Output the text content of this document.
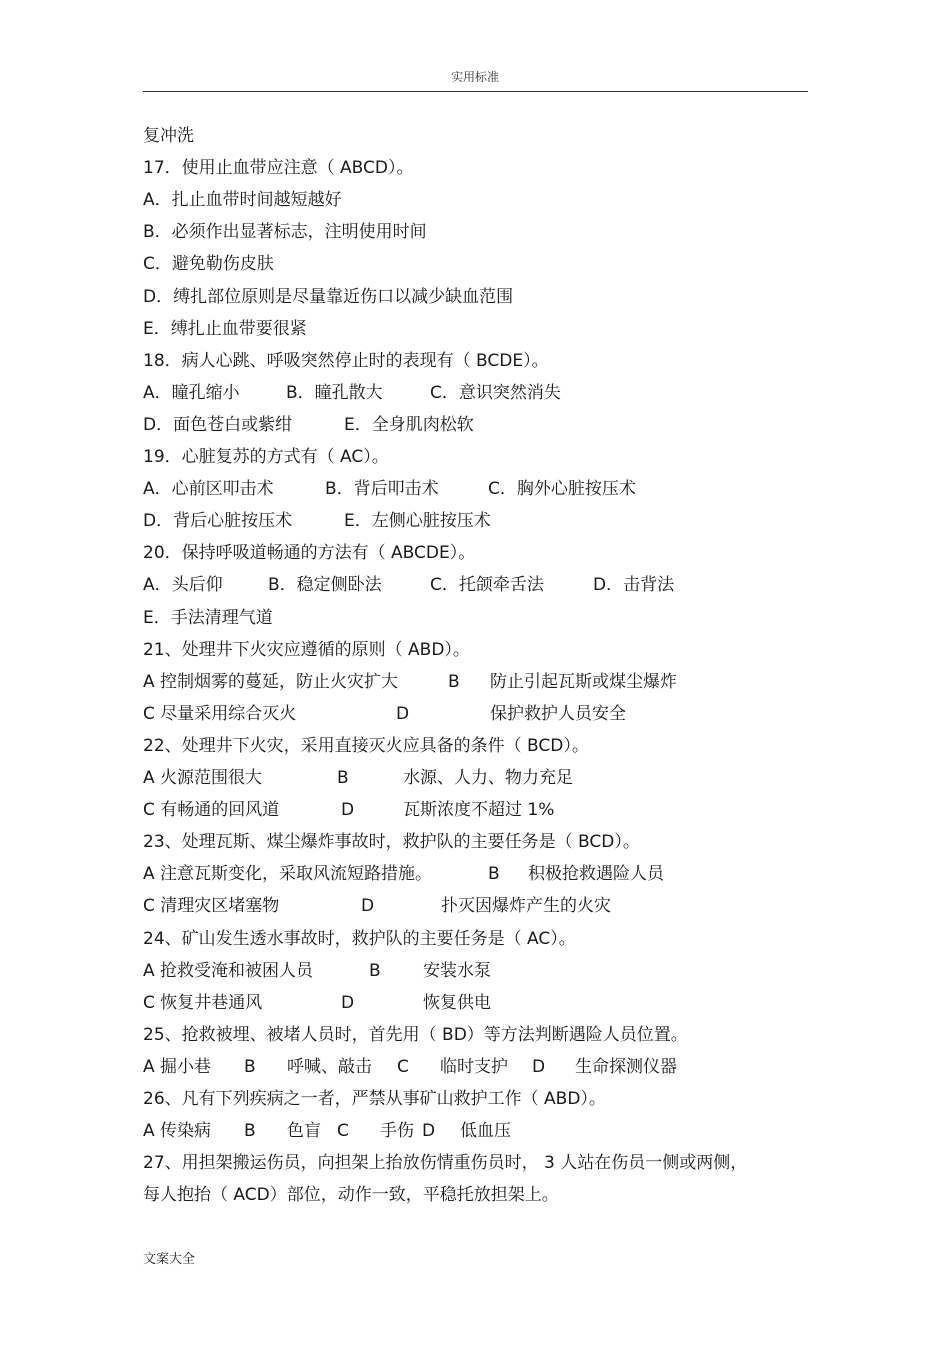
实用标准
复冲洗
17．使用止血带应注意（ ABCD）。
A．扎止血带时间越短越好
B．必须作出显著标志，注明使用时间
C．避免勒伤皮肤
D．缚扎部位原则是尽量靠近伤口以减少缺血范围
E．缚扎止血带要很紧
18．病人心跳、呼吸突然停止时的表现有（ BCDE）。
A．瞳孔缩小	B．瞳孔散大	C．意识突然消失
D．面色苍白或紫绀	E．全身肌肉松软
19．心脏复苏的方式有（ AC）。
A．心前区叩击术	B．背后叩击术	C．胸外心脏按压术
D．背后心脏按压术	E．左侧心脏按压术
20．保持呼吸道畅通的方法有（ ABCDE）。
A．头后仰	B．稳定侧卧法	C．托颌牵舌法	D．击背法
E．手法清理气道
21、处理井下火灾应遵循的原则（ ABD）。
A 控制烟雾的蔓延，防止火灾扩大	B 防止引起瓦斯或煤尘爆炸
C 尽量采用综合灭火	D	保护救护人员安全
22、处理井下火灾，采用直接灭火应具备的条件（ BCD）。
A 火源范围很大	B	水源、人力、物力充足
C 有畅通的回风道	D	瓦斯浓度不超过 1%
23、处理瓦斯、煤尘爆炸事故时，救护队的主要任务是（ BCD）。
A 注意瓦斯变化，采取风流短路措施。	B 积极抢救遇险人员
C 清理灾区堵塞物	D	扑灭因爆炸产生的火灾
24、矿山发生透水事故时，救护队的主要任务是（ AC）。
A 抢救受淹和被困人员	B 安装水泵
C 恢复井巷通风	D	恢复供电
25、抢救被埋、被堵人员时，首先用（ BD）等方法判断遇险人员位置。
A 掘小巷 B 呼喊、敲击 C 临时支护 D 生命探测仪器
26、凡有下列疾病之一者，严禁从事矿山救护工作（ ABD）。
A 传染病 B 色盲 C 手伤 D 低血压
27、用担架搬运伤员，向担架上抬放伤情重伤员时， 3 人站在伤员一侧或两侧，
每人抱抬（ ACD）部位，动作一致，平稳托放担架上。
文案大全
